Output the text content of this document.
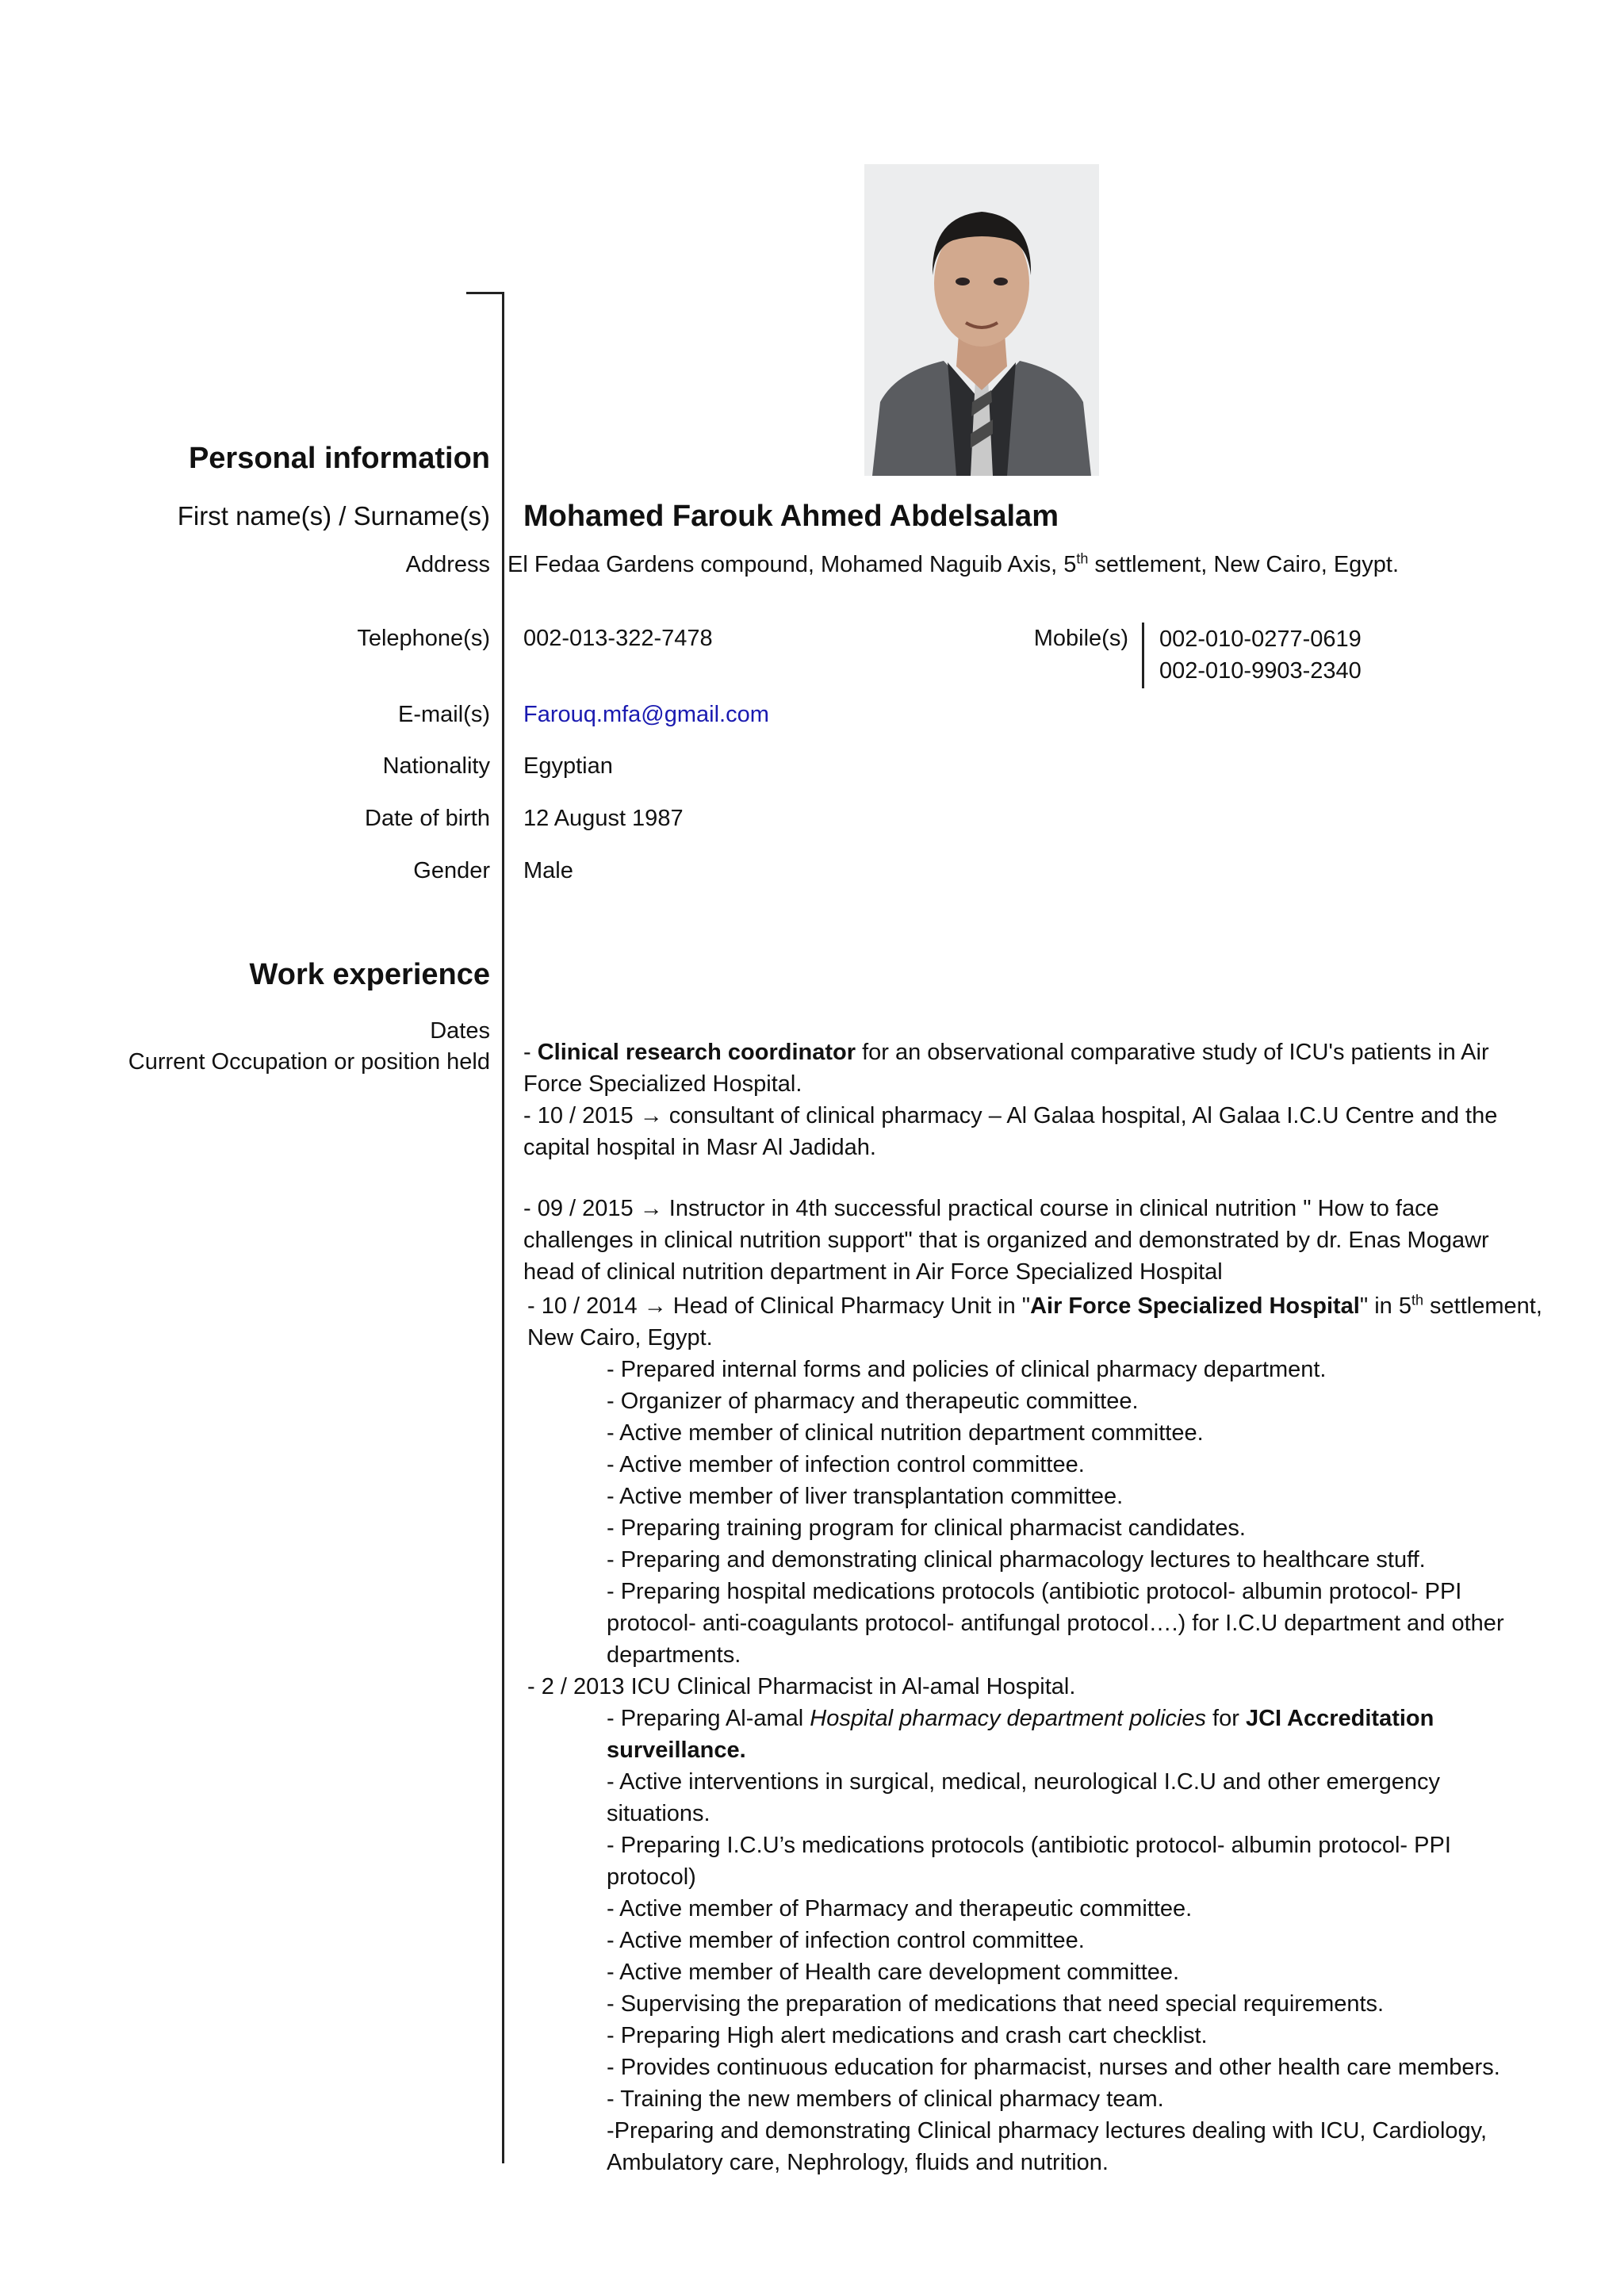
Personal information
First name(s) / Surname(s) Mohamed Farouk Ahmed Abdelsalam
Address El Fedaa Gardens compound, Mohamed Naguib Axis, 5th settlement, New Cairo, Egypt.
Telephone(s) 002-013-322-7478	Mobile(s) 002-010-0277-0619
002-010-9903-2340
E-mail(s) Farouq.mfa@gmail.com
Nationality Egyptian
Date of birth 12 August 1987
Gender Male
Work experience
Dates
Current Occupation or position held - Clinical research coordinator for an observational comparative study of ICU's patients in Air Force Specialized Hospital.
- 10 / 2015 → consultant of clinical pharmacy – Al Galaa hospital, Al Galaa I.C.U Centre and the capital hospital in Masr Al Jadidah.
- 09 / 2015 → Instructor in 4th successful practical course in clinical nutrition " How to face challenges in clinical nutrition support" that is organized and demonstrated by dr. Enas Mogawr head of clinical nutrition department in Air Force Specialized Hospital
- 10 / 2014 → Head of Clinical Pharmacy Unit in "Air Force Specialized Hospital" in 5th settlement, New Cairo, Egypt.
- Prepared internal forms and policies of clinical pharmacy department.
- Organizer of pharmacy and therapeutic committee.
- Active member of clinical nutrition department committee.
- Active member of infection control committee.
- Active member of liver transplantation committee.
- Preparing training program for clinical pharmacist candidates.
- Preparing and demonstrating clinical pharmacology lectures to healthcare stuff.
- Preparing hospital medications protocols (antibiotic protocol- albumin protocol- PPI protocol- anti-coagulants protocol- antifungal protocol….) for I.C.U department and other departments.
- 2 / 2013 ICU Clinical Pharmacist in Al-amal Hospital.
- Preparing Al-amal Hospital pharmacy department policies for JCI Accreditation surveillance.
- Active interventions in surgical, medical, neurological I.C.U and other emergency situations.
- Preparing I.C.U’s medications protocols (antibiotic protocol- albumin protocol- PPI protocol)
- Active member of Pharmacy and therapeutic committee.
- Active member of infection control committee.
- Active member of Health care development committee.
- Supervising the preparation of medications that need special requirements.
- Preparing High alert medications and crash cart checklist.
- Provides continuous education for pharmacist, nurses and other health care members.
- Training the new members of clinical pharmacy team.
-Preparing and demonstrating Clinical pharmacy lectures dealing with ICU, Cardiology, Ambulatory care, Nephrology, fluids and nutrition.
